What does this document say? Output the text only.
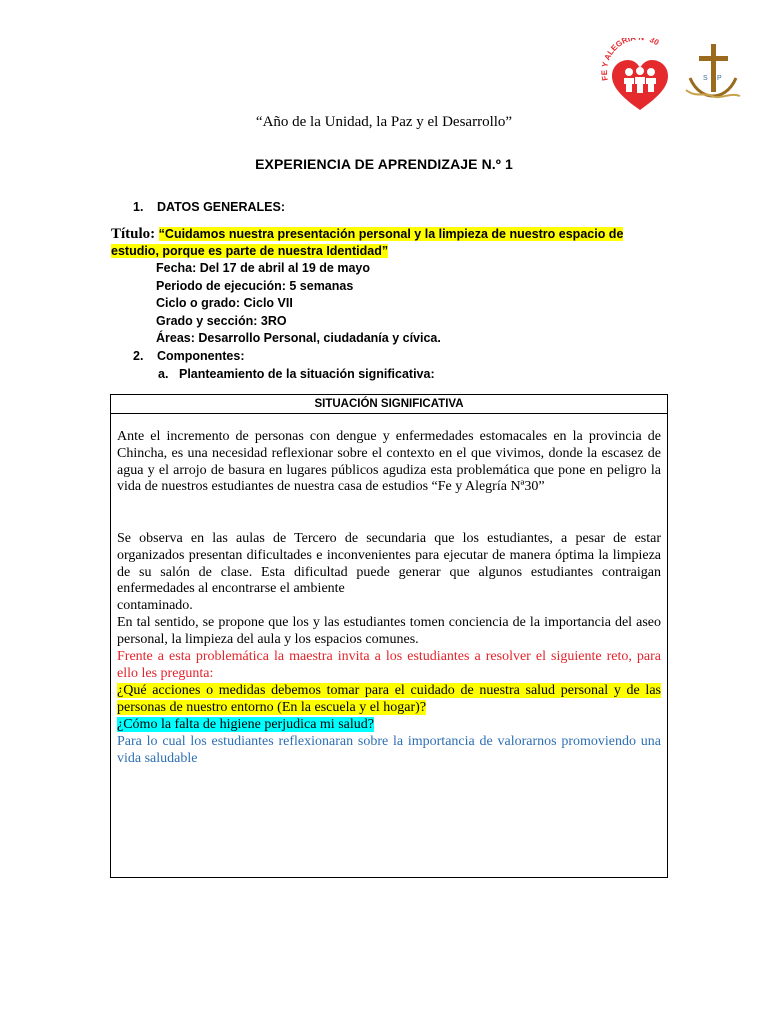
FE Y ALEGRÍA º 30
S P
“Año de la Unidad, la Paz y el Desarrollo”
EXPERIENCIA DE APRENDIZAJE N.º 1
1. DATOS GENERALES:
Título: “Cuidamos nuestra presentación personal y la limpieza de nuestro espacio de estudio, porque es parte de nuestra Identidad”
Fecha: Del 17 de abril al 19 de mayo
Periodo de ejecución: 5 semanas
Ciclo o grado: Ciclo VII
Grado y sección: 3RO
Áreas: Desarrollo Personal, ciudadanía y cívica.
2. Componentes:
a. Planteamiento de la situación significativa:
SITUACIÓN SIGNIFICATIVA
Ante el incremento de personas con dengue y enfermedades estomacales en la provincia de Chincha, es una necesidad reflexionar sobre el contexto en el que vivimos, donde la escasez de agua y el arrojo de basura en lugares públicos agudiza esta problemática que pone en peligro la vida de nuestros estudiantes de nuestra casa de estudios “Fe y Alegría Nª30”
Se observa en las aulas de Tercero de secundaria que los estudiantes, a pesar de estar organizados presentan dificultades e inconvenientes para ejecutar de manera óptima la limpieza de su salón de clase. Esta dificultad puede generar que algunos estudiantes contraigan enfermedades al encontrarse el ambiente
contaminado.
En tal sentido, se propone que los y las estudiantes tomen conciencia de la importancia del aseo personal, la limpieza del aula y los espacios comunes.
Frente a esta problemática la maestra invita a los estudiantes a resolver el siguiente reto, para ello les pregunta:
¿Qué acciones o medidas debemos tomar para el cuidado de nuestra salud personal y de las personas de nuestro entorno (En la escuela y el hogar)?
¿Cómo la falta de higiene perjudica mi salud?
Para lo cual los estudiantes reflexionaran sobre la importancia de valorarnos promoviendo una vida saludable
